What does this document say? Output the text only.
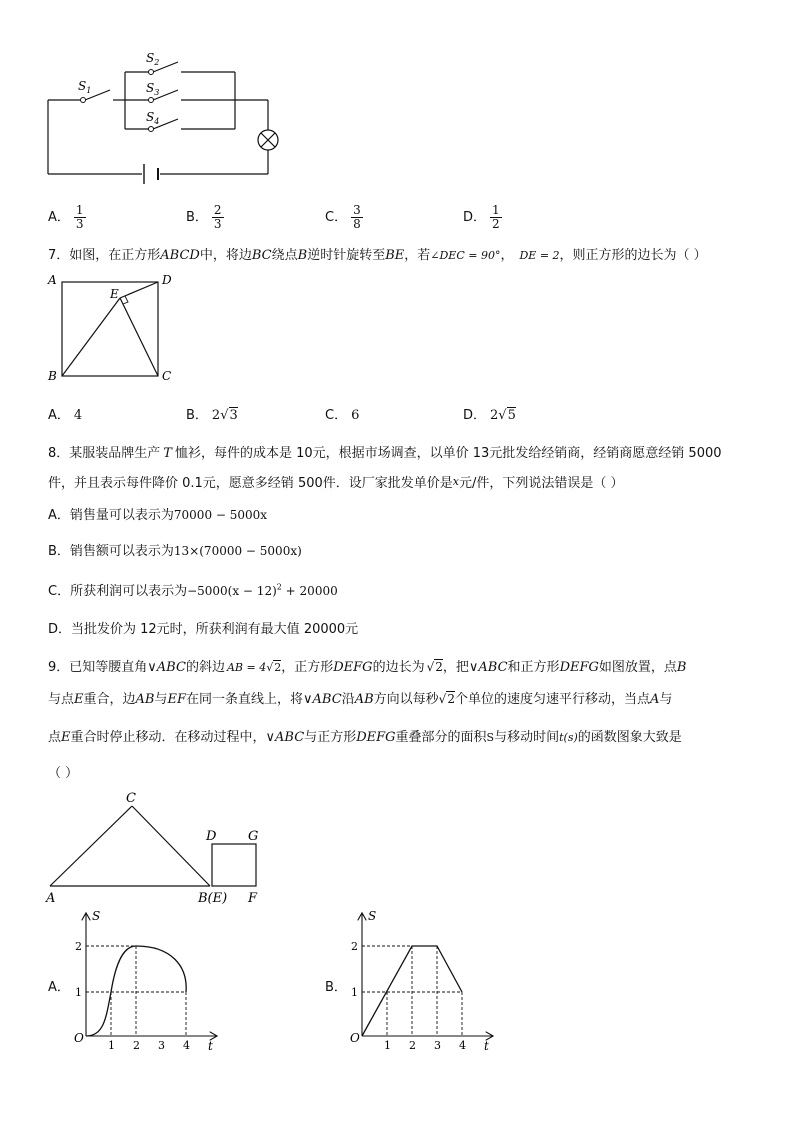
$S_1$
$S_2$
$S_3$
$S_4$
A． $\frac{1}{3}$	B． $\frac{2}{3}$	C． $\frac{3}{8}$	D． $\frac{1}{2}$
7．如图，在正方形ABCD中，将边BC绕点B逆时针旋转至BE，若∠DEC = 90°， DE = 2，则正方形的边长为（ ）
A	D
E
B	C
A． 4	B． 2√3	C． 6	D． 2√5
8．某服装品牌生产 T 恤衫，每件的成本是 10元，根据市场调查，以单价 13元批发给经销商，经销商愿意经销 5000
件，并且表示每件降价 0.1元，愿意多经销 500件．设厂家批发单价是x元/件，下列说法错误是（ ）
A．销售量可以表示为70000 − 5000x
B．销售额可以表示为13×(70000 − 5000x)
C．所获利润可以表示为$-5000(x - 12)^2 + 20000$
D．当批发价为 12元时，所获利润有最大值 20000元
9．已知等腰直角∨ABC的斜边 AB = 4√2，正方形DEFG的边长为 √2，把∨ABC和正方形DEFG如图放置，点B
与点E重合，边AB与EF在同一条直线上，将∨ABC沿AB方向以每秒√2个单位的速度匀速平行移动，当点A与
点E重合时停止移动．在移动过程中，∨ABC与正方形DEFG重叠部分的面积S与移动时间t(s)的函数图象大致是
（ ）
C
D G
A	B(E) F
A．
O
S
t
1
2
1 2 3 4
B．
O
S
t
1
2
1 2 3 4
